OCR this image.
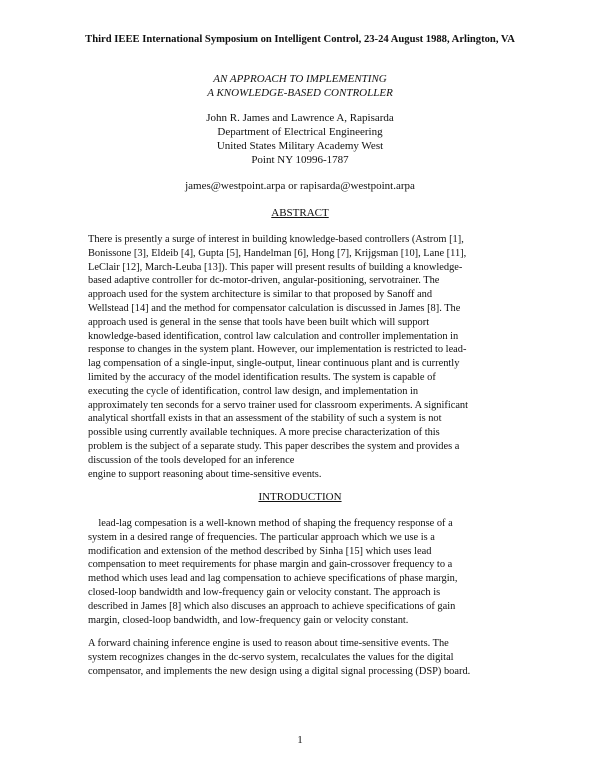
Third IEEE International Symposium on Intelligent Control, 23-24 August 1988, Arlington, VA
AN APPROACH TO IMPLEMENTING
A KNOWLEDGE-BASED CONTROLLER
John R. James and Lawrence A, Rapisarda
Department of Electrical Engineering
United States Military Academy West
Point NY 10996-1787
james@westpoint.arpa or rapisarda@westpoint.arpa
ABSTRACT
There is presently a surge of interest in building knowledge-based controllers (Astrom [1],
Bonissone [3], Eldeib [4], Gupta [5], Handelman [6], Hong [7], Krijgsman [10], Lane [11],
LeClair [12], March-Leuba [13]). This paper will present results of building a knowledge-
based adaptive controller for dc-motor-driven, angular-positioning, servotrainer. The
approach used for the system architecture is similar to that proposed by Sanoff and
Wellstead [14] and the method for compensator calculation is discussed in James [8]. The
approach used is general in the sense that tools have been built which will support
knowledge-based identification, control law calculation and controller implementation in
response to changes in the system plant. However, our implementation is restricted to lead-
lag compensation of a single-input, single-output, linear continuous plant and is currently
limited by the accuracy of the model identification results. The system is capable of
executing the cycle of identification, control law design, and implementation in
approximately ten seconds for a servo trainer used for classroom experiments. A significant
analytical shortfall exists in that an assessment of the stability of such a system is not
possible using currently available techniques. A more precise characterization of this
problem is the subject of a separate study. This paper describes the system and provides a
discussion of the tools developed for an inference
engine to support reasoning about time-sensitive events.
INTRODUCTION
lead-lag compesation is a well-known method of shaping the frequency response of a
system in a desired range of frequencies. The particular approach which we use is a
modification and extension of the method described by Sinha [15] which uses lead
compensation to meet requirements for phase margin and gain-crossover frequency to a
method which uses lead and lag compensation to achieve specifications of phase margin,
closed-loop bandwidth and low-frequency gain or velocity constant. The approach is
described in James [8] which also discuses an approach to achieve specifications of gain
margin, closed-loop bandwidth, and low-frequency gain or velocity constant.
A forward chaining inference engine is used to reason about time-sensitive events. The
system recognizes changes in the dc-servo system, recalculates the values for the digital
compensator, and implements the new design using a digital signal processing (DSP) board.
1
